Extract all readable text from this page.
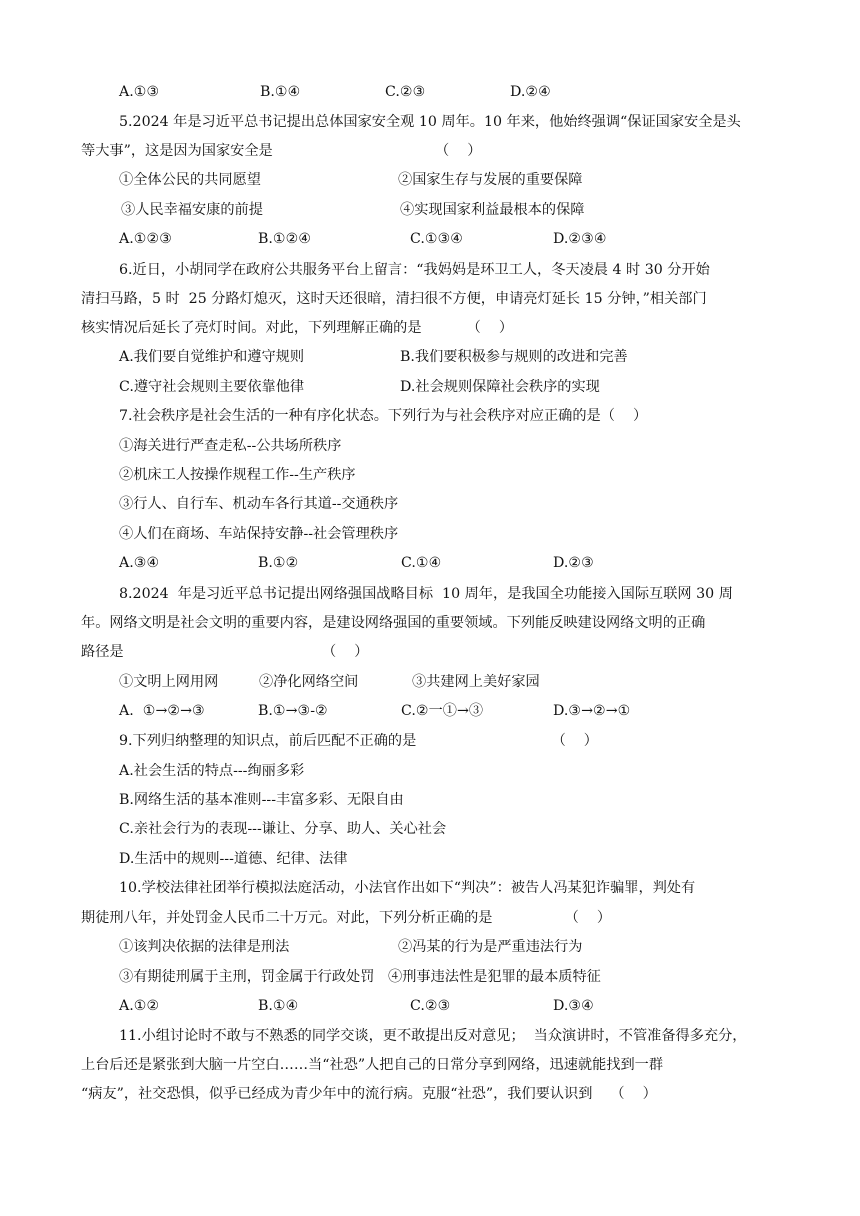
A.①③

	B.①④

	C.②③

	D.②④

5.2024 年是习近平总书记提出总体国家安全观 10 周年。10 年来，他始终强调“保证国家安全是头
等大事”，这是因为国家安全是                                    （    ）

①全体公民的共同愿望

	②国家生存与发展的重要保障

③人民幸福安康的前提

	④实现国家利益最根本的保障

A.①②③

	B.①②④

	C.①③④

	D.②③④

6.近日，小胡同学在政府公共服务平台上留言：“我妈妈是环卫工人，冬天凌晨 4 时 30 分开始
清扫马路，5 时  25 分路灯熄灭，这时天还很暗，清扫很不方便，申请亮灯延长 15 分钟，”相关部门
核实情况后延长了亮灯时间。对此，下列理解正确的是          （    ）

A.我们要自觉维护和遵守规则

	B.我们要积极参与规则的改进和完善

C.遵守社会规则主要依靠他律

	D.社会规则保障社会秩序的实现

7.社会秩序是社会生活的一种有序化状态。下列行为与社会秩序对应正确的是（    ）
①海关进行严查走私--公共场所秩序
②机床工人按操作规程工作--生产秩序
③行人、自行车、机动车各行其道--交通秩序
④人们在商场、车站保持安静--社会管理秩序

A.③④

	B.①②

	C.①④

	D.②③

8.2024  年是习近平总书记提出网络强国战略目标  10 周年，是我国全功能接入国际互联网 30 周
年。网络文明是社会文明的重要内容，是建设网络强国的重要领域。下列能反映建设网络文明的正确
路径是                                            （    ）

①文明上网用网

	②净化网络空间

	③共建网上美好家园

A.  ①→②→③

	B.①→③-②

	C.②一①→③

	D.③→②→①

9.下列归纳整理的知识点，前后匹配不正确的是                              （    ）
A.社会生活的特点---绚丽多彩
B.网络生活的基本准则---丰富多彩、无限自由
C.亲社会行为的表现---谦让、分享、助人、关心社会
D.生活中的规则---道德、纪律、法律
10.学校法律社团举行模拟法庭活动，小法官作出如下“判决”：被告人冯某犯诈骗罪，判处有
期徒刑八年，并处罚金人民币二十万元。对此，下列分析正确的是                （    ）

①该判决依据的法律是刑法

	②冯某的行为是严重违法行为

③有期徒刑属于主刑，罚金属于行政处罚

④刑事违法性是犯罪的最本质特征

A.①②

	B.①④

	C.②③

	D.③④

11.小组讨论时不敢与不熟悉的同学交谈，更不敢提出反对意见；  当众演讲时，不管准备得多充分，
上台后还是紧张到大脑一片空白……当“社恐”人把自己的日常分享到网络，迅速就能找到一群
“病友”，社交恐惧，似乎已经成为青少年中的流行病。克服“社恐”，我们要认识到    （    ）
